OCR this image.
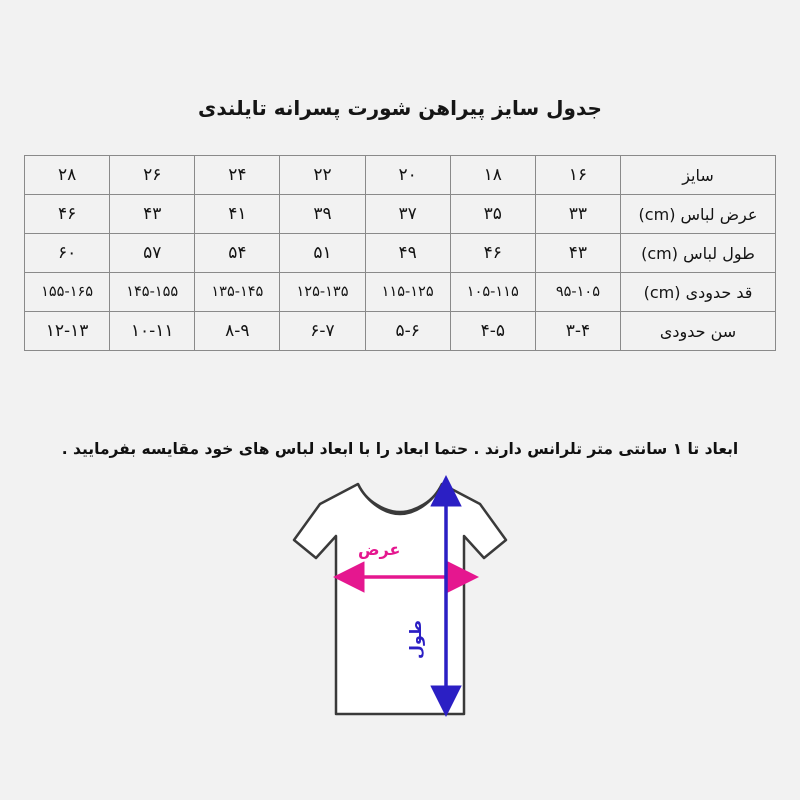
جدول سایز پیراهن شورت پسرانه تایلندی
سایز	۱۶	۱۸	۲۰	۲۲	۲۴	۲۶	۲۸
عرض لباس (cm)	۳۳	۳۵	۳۷	۳۹	۴۱	۴۳	۴۶
طول لباس (cm)	۴۳	۴۶	۴۹	۵۱	۵۴	۵۷	۶۰
قد حدودی (cm)	۹۵-۱۰۵	۱۰۵-۱۱۵	۱۱۵-۱۲۵	۱۲۵-۱۳۵	۱۳۵-۱۴۵	۱۴۵-۱۵۵	۱۵۵-۱۶۵
سن حدودی	۳-۴	۴-۵	۵-۶	۶-۷	۸-۹	۱۰-۱۱	۱۲-۱۳
ابعاد تا ۱ سانتی متر تلرانس دارند . حتما ابعاد را با ابعاد لباس های خود مقایسه بفرمایید .
عرض
طول
